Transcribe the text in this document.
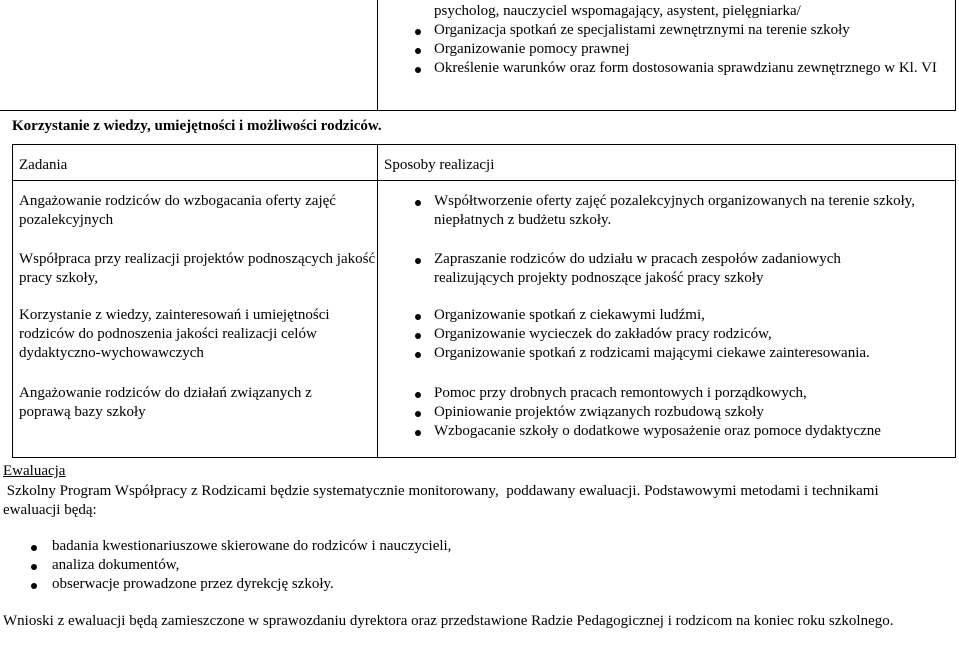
psycholog, nauczyciel wspomagający, asystent, pielęgniarka/
Organizacja spotkań ze specjalistami zewnętrznymi na terenie szkoły
Organizowanie pomocy prawnej
Określenie warunków oraz form dostosowania sprawdzianu zewnętrznego w Kl. VI
Korzystanie z wiedzy, umiejętności i możliwości rodziców.
Zadania	Sposoby realizacji
Angażowanie rodziców do wzbogacania oferty zajęć pozalekcyjnych
Współpraca przy realizacji projektów podnoszących jakość pracy szkoły,
Korzystanie z wiedzy, zainteresowań i umiejętności rodziców do podnoszenia jakości realizacji celów dydaktyczno-wychowawczych
Angażowanie rodziców do działań związanych z poprawą bazy szkoły
Współtworzenie oferty zajęć pozalekcyjnych organizowanych na terenie szkoły, niepłatnych z budżetu szkoły.
Zapraszanie rodziców do udziału w pracach zespołów zadaniowych realizujących projekty podnoszące jakość pracy szkoły
Organizowanie spotkań z ciekawymi ludźmi,
Organizowanie wycieczek do zakładów pracy rodziców,
Organizowanie spotkań z rodzicami mającymi ciekawe zainteresowania.
Pomoc przy drobnych pracach remontowych i porządkowych,
Opiniowanie projektów związanych rozbudową szkoły
Wzbogacanie szkoły o dodatkowe wyposażenie oraz pomoce dydaktyczne
Ewaluacja
Szkolny Program Współpracy z Rodzicami będzie systematycznie monitorowany,  poddawany ewaluacji. Podstawowymi metodami i technikami ewaluacji będą:
badania kwestionariuszowe skierowane do rodziców i nauczycieli,
analiza dokumentów,
obserwacje prowadzone przez dyrekcję szkoły.
Wnioski z ewaluacji będą zamieszczone w sprawozdaniu dyrektora oraz przedstawione Radzie Pedagogicznej i rodzicom na koniec roku szkolnego.
